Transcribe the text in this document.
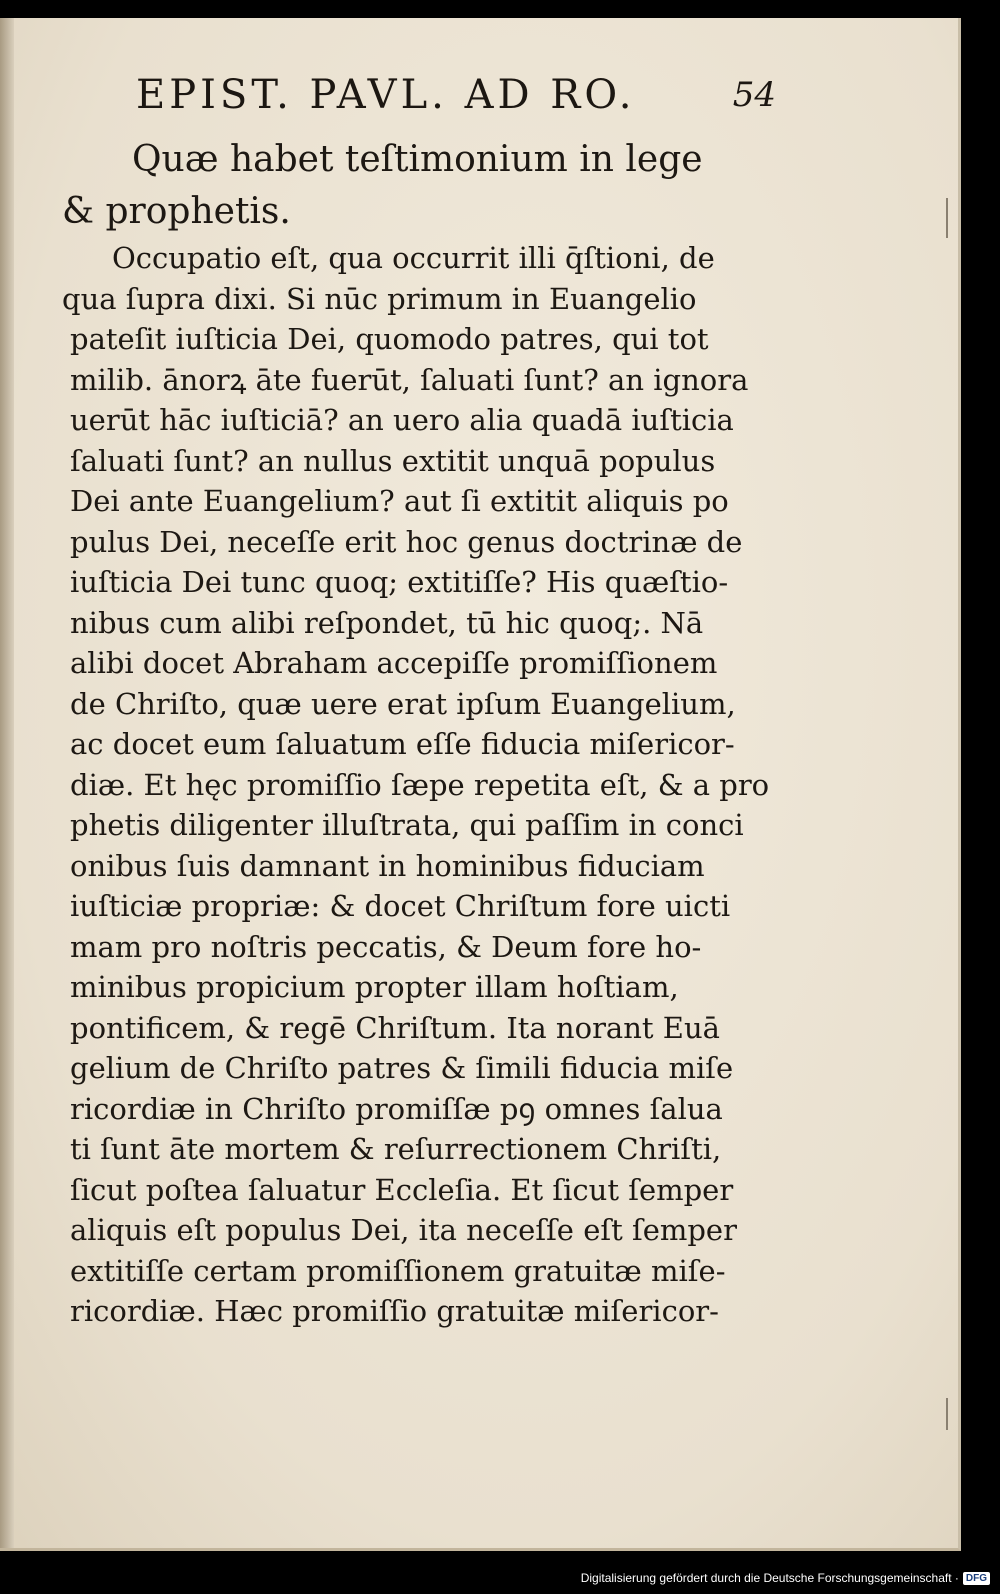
EPIST. PAVL. AD RO.	54
Quæ habet teſtimonium in lege
& prophetis.
Occupatio eſt, qua occurrit illi q̄ſtioni, de
qua ſupra dixi. Si nūc primum in Euangelio
pateſit iuſticia Dei, quomodo patres, qui tot
milib. ānorꝝ āte fuerūt, ſaluati ſunt? an ignora
uerūt hāc iuſticiā? an uero alia quadā iuſticia
ſaluati ſunt? an nullus extitit unquā populus
Dei ante Euangelium? aut ſi extitit aliquis po
pulus Dei, neceſſe erit hoc genus doctrinæ de
iuſticia Dei tunc quoq; extitiſſe? His quæſtio-
nibus cum alibi reſpondet, tū hic quoq;. Nā
alibi docet Abraham accepiſſe promiſſionem
de Chriſto, quæ uere erat ipſum Euangelium,
ac docet eum ſaluatum eſſe fiducia miſericor-
diæ. Et hęc promiſſio ſæpe repetita eſt, & a pro
phetis diligenter illuſtrata, qui paſſim in conci
onibus ſuis damnant in hominibus fiduciam
iuſticiæ propriæ: & docet Chriſtum fore uicti
mam pro noſtris peccatis, & Deum fore ho-
minibus propicium propter illam hoſtiam,
pontificem, & regē Chriſtum. Ita norant Euā
gelium de Chriſto patres & ſimili fiducia miſe
ricordiæ in Chriſto promiſſæ pꝯ omnes ſalua
ti ſunt āte mortem & reſurrectionem Chriſti,
ſicut poſtea ſaluatur Eccleſia. Et ſicut ſemper
aliquis eſt populus Dei, ita neceſſe eſt ſemper
extitiſſe certam promiſſionem gratuitæ miſe-
ricordiæ. Hæc promiſſio gratuitæ miſericor-
Digitalisierung gefördert durch die Deutsche Forschungsgemeinschaft · DFG
